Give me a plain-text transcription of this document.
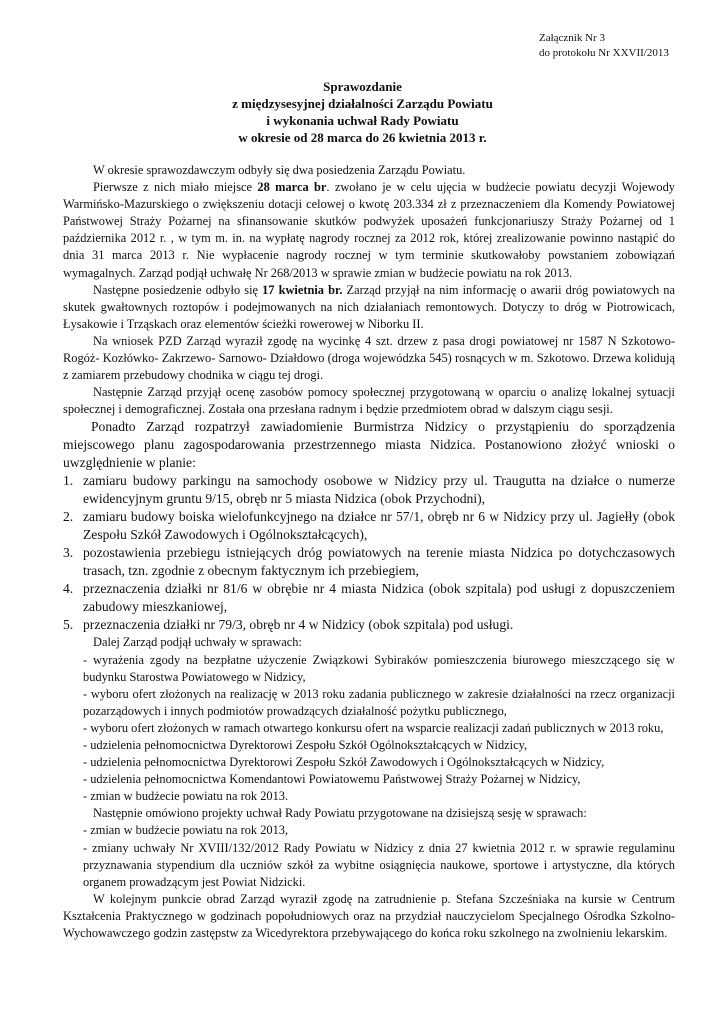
Załącznik Nr 3
do protokołu Nr XXVII/2013
Sprawozdanie
z międzysesyjnej działalności Zarządu Powiatu
i wykonania uchwał Rady Powiatu
w okresie od 28 marca do 26 kwietnia 2013 r.

W okresie sprawozdawczym odbyły się dwa posiedzenia Zarządu Powiatu.

Pierwsze z nich miało miejsce 28 marca br. zwołano je w celu ujęcia w budżecie powiatu decyzji Wojewody Warmińsko-Mazurskiego o zwiększeniu dotacji celowej o kwotę 203.334 zł z przeznaczeniem dla Komendy Powiatowej Państwowej Straży Pożarnej na sfinansowanie skutków podwyżek uposażeń funkcjonariuszy Straży Pożarnej od 1 października 2012 r. , w tym m. in. na wypłatę nagrody rocznej za 2012 rok, której zrealizowanie powinno nastąpić do dnia 31 marca 2013 r. Nie wypłacenie nagrody rocznej w tym terminie skutkowałoby powstaniem zobowiązań wymagalnych. Zarząd podjął uchwałę Nr 268/2013 w sprawie zmian w budżecie powiatu na rok 2013.

Następne posiedzenie odbyło się 17 kwietnia br. Zarząd przyjął na nim informację o awarii dróg powiatowych na skutek gwałtownych roztopów i podejmowanych na nich działaniach remontowych. Dotyczy to dróg w Piotrowicach, Łysakowie i Trząskach oraz elementów ścieżki rowerowej w Niborku II.

Na wniosek PZD Zarząd wyraził zgodę na wycinkę 4 szt. drzew z pasa drogi powiatowej nr 1587 N Szkotowo- Rogóż- Kozłówko- Zakrzewo- Sarnowo- Działdowo (droga wojewódzka 545) rosnących w m. Szkotowo. Drzewa kolidują z zamiarem przebudowy chodnika w ciągu tej drogi.

Następnie Zarząd przyjął ocenę zasobów pomocy społecznej przygotowaną w oparciu o analizę lokalnej sytuacji społecznej i demograficznej. Została ona przesłana radnym i będzie przedmiotem obrad w dalszym ciągu sesji.

Ponadto Zarząd rozpatrzył zawiadomienie Burmistrza Nidzicy o przystąpieniu do sporządzenia miejscowego planu zagospodarowania przestrzennego miasta Nidzica. Postanowiono złożyć wnioski o uwzględnienie w planie:

1. zamiaru budowy parkingu na samochody osobowe w Nidzicy przy ul. Traugutta na działce o numerze ewidencyjnym gruntu 9/15, obręb nr 5 miasta Nidzica (obok Przychodni),
2. zamiaru budowy boiska wielofunkcyjnego na działce nr 57/1, obręb nr 6 w Nidzicy przy ul. Jagiełły (obok Zespołu Szkół Zawodowych i Ogólnokształcących),
3. pozostawienia przebiegu istniejących dróg powiatowych na terenie miasta Nidzica po dotychczasowych trasach, tzn. zgodnie z obecnym faktycznym ich przebiegiem,
4. przeznaczenia działki nr 81/6 w obrębie nr 4 miasta Nidzica (obok szpitala) pod usługi z dopuszczeniem zabudowy mieszkaniowej,
5. przeznaczenia działki nr 79/3, obręb nr 4 w Nidzicy (obok szpitala) pod usługi.

Dalej Zarząd podjął uchwały w sprawach:

- wyrażenia zgody na bezpłatne użyczenie Związkowi Sybiraków pomieszczenia biurowego mieszczącego się w budynku Starostwa Powiatowego w Nidzicy,
- wyboru ofert złożonych na realizację w 2013 roku zadania publicznego w zakresie działalności na rzecz organizacji pozarządowych i innych podmiotów prowadzących działalność pożytku publicznego,
- wyboru ofert złożonych w ramach otwartego konkursu ofert na wsparcie realizacji zadań publicznych w 2013 roku,
- udzielenia pełnomocnictwa Dyrektorowi Zespołu Szkół Ogólnokształcących w Nidzicy,
- udzielenia pełnomocnictwa Dyrektorowi Zespołu Szkół Zawodowych i Ogólnokształcących w Nidzicy,
- udzielenia pełnomocnictwa Komendantowi Powiatowemu Państwowej Straży Pożarnej w Nidzicy,
- zmian w budżecie powiatu na rok 2013.

Następnie omówiono projekty uchwał Rady Powiatu przygotowane na dzisiejszą sesję w sprawach:

- zmian w budżecie powiatu na rok 2013,
- zmiany uchwały Nr XVIII/132/2012 Rady Powiatu w Nidzicy z dnia 27 kwietnia 2012 r. w sprawie regulaminu przyznawania stypendium dla uczniów szkół za wybitne osiągnięcia naukowe, sportowe i artystyczne, dla których organem prowadzącym jest Powiat Nidzicki.

W kolejnym punkcie obrad Zarząd wyraził zgodę na zatrudnienie p. Stefana Szcześniaka na kursie w Centrum Kształcenia Praktycznego w godzinach popołudniowych oraz na przydział nauczycielom Specjalnego Ośrodka Szkolno-Wychowawczego godzin zastępstw za Wicedyrektora przebywającego do końca roku szkolnego na zwolnieniu lekarskim.
